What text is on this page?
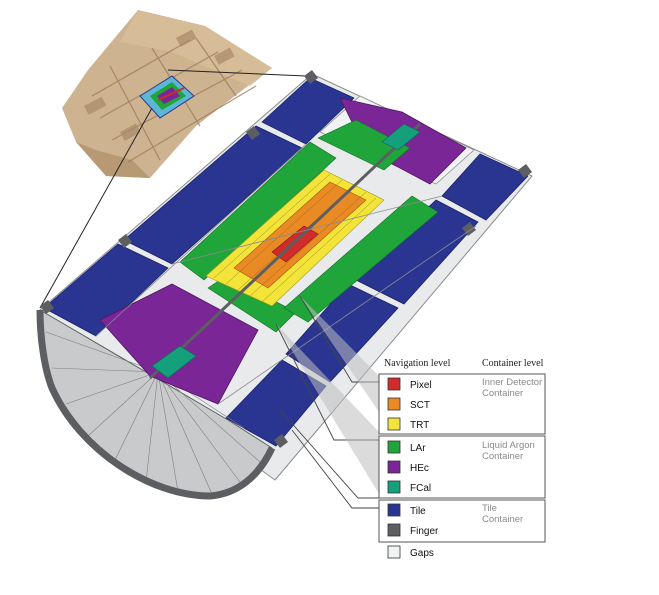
Navigation level	Container level
Pixel
SCT
TRT
Inner Detector
Container
LAr
HEc
FCal
Liquid Argon
Container
Tile
Finger
Tile
Container
Gaps
